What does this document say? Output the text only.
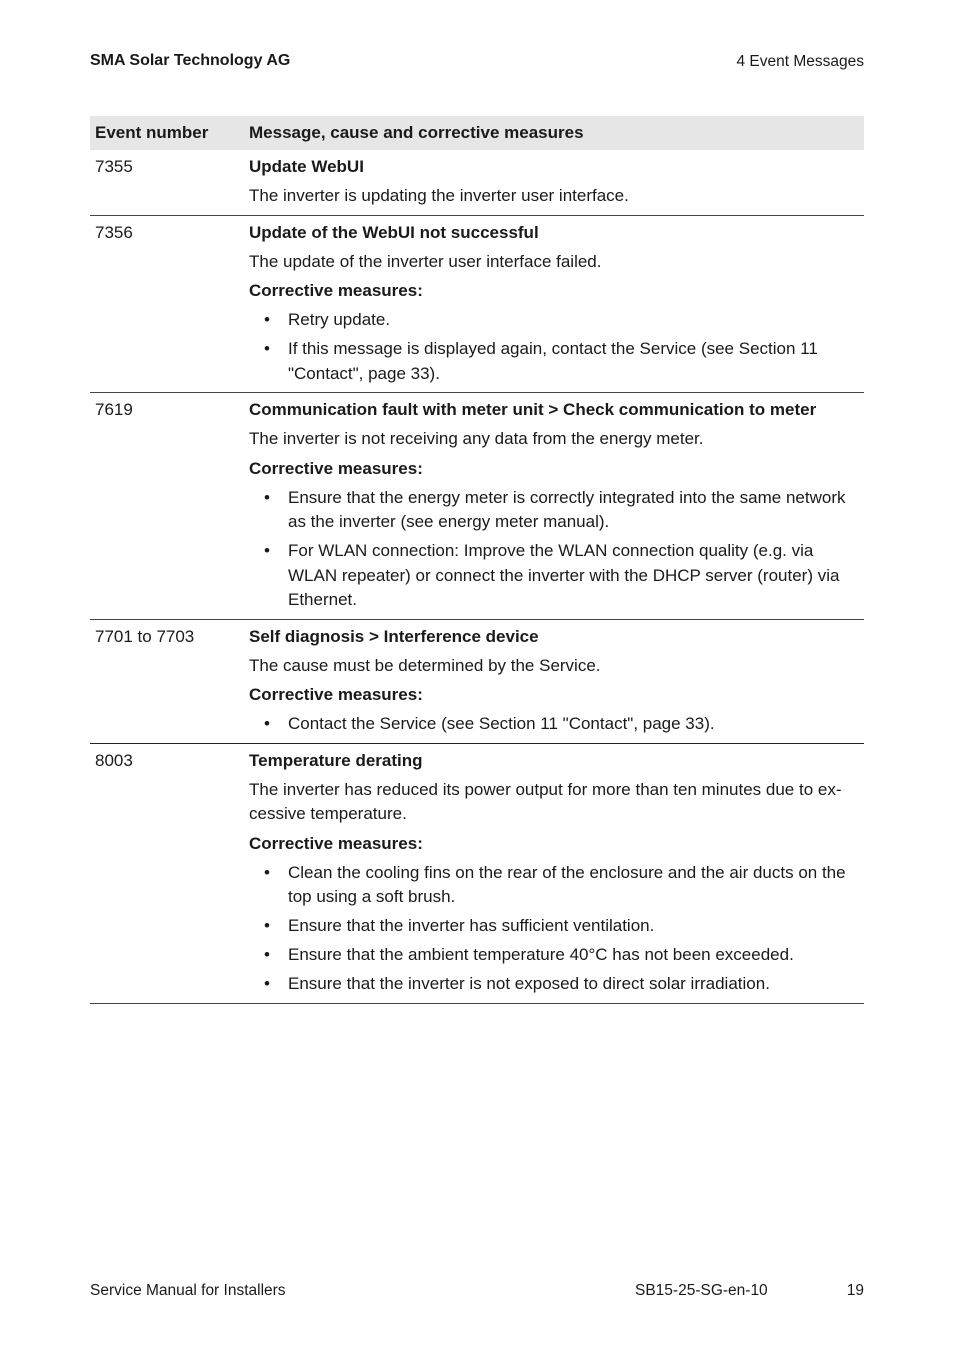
SMA Solar Technology AG	4 Event Messages
Event number	Message, cause and corrective measures
7355	Update WebUI
The inverter is updating the inverter user interface.
7356	Update of the WebUI not successful
The update of the inverter user interface failed.
Corrective measures:
• Retry update.
• If this message is displayed again, contact the Service (see Section 11 "Contact", page 33).
7619	Communication fault with meter unit > Check communication to meter
The inverter is not receiving any data from the energy meter.
Corrective measures:
• Ensure that the energy meter is correctly integrated into the same network as the inverter (see energy meter manual).
• For WLAN connection: Improve the WLAN connection quality (e.g. via WLAN repeater) or connect the inverter with the DHCP server (router) via Ethernet.
7701 to 7703	Self diagnosis > Interference device
The cause must be determined by the Service.
Corrective measures:
• Contact the Service (see Section 11 "Contact", page 33).
8003	Temperature derating
The inverter has reduced its power output for more than ten minutes due to excessive temperature.
Corrective measures:
• Clean the cooling fins on the rear of the enclosure and the air ducts on the top using a soft brush.
• Ensure that the inverter has sufficient ventilation.
• Ensure that the ambient temperature 40°C has not been exceeded.
• Ensure that the inverter is not exposed to direct solar irradiation.
Service Manual for Installers	SB15-25-SG-en-10	19
